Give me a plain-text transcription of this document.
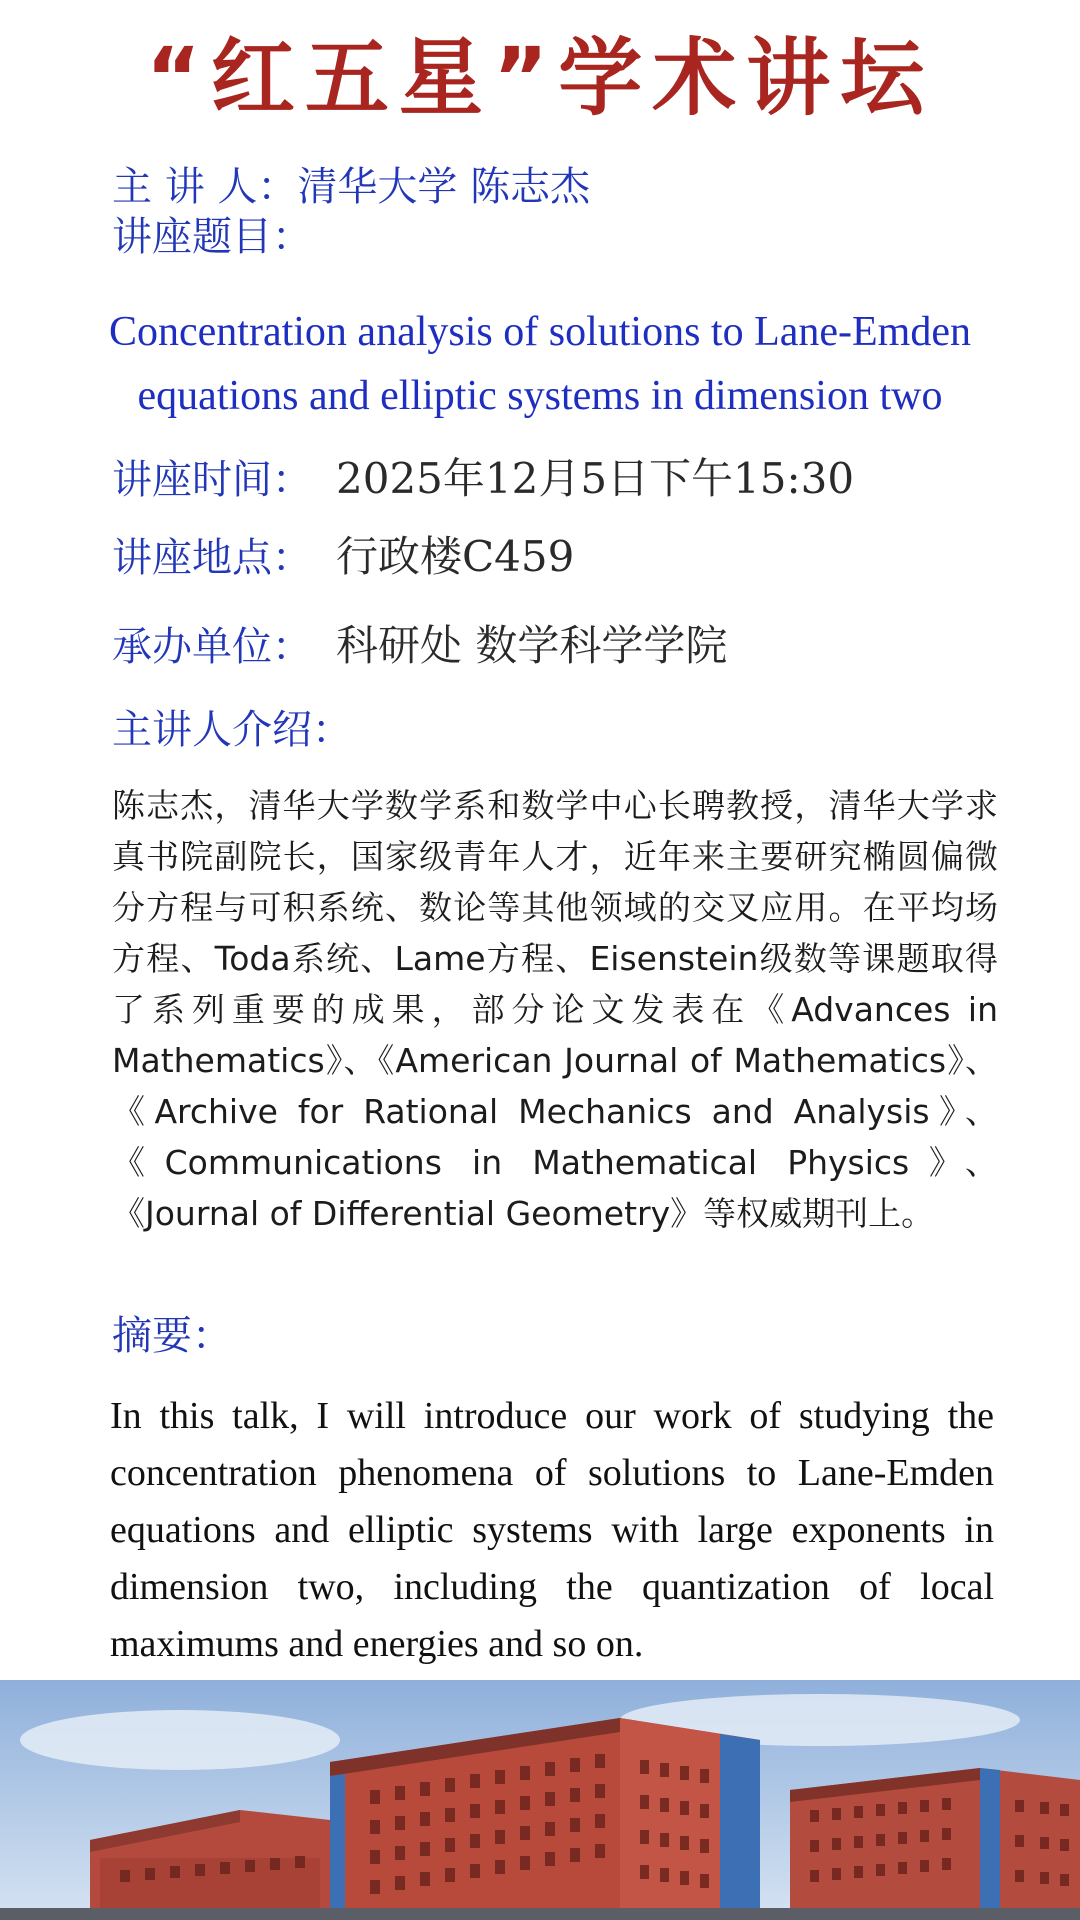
“红五星”学术讲坛
主 讲 人：清华大学 陈志杰
讲座题目：
Concentration analysis of solutions to Lane-Emden equations and elliptic systems in dimension two
讲座时间： 2025年12月5日下午15:30
讲座地点： 行政楼C459
承办单位： 科研处 数学科学学院
主讲人介绍：
陈志杰，清华大学数学系和数学中心长聘教授，清华大学求真书院副院长，国家级青年人才，近年来主要研究椭圆偏微分方程与可积系统、数论等其他领域的交叉应用。在平均场方程、Toda系统、Lame方程、Eisenstein级数等课题取得了系列重要的成果，部分论文发表在《Advances in Mathematics》、《American Journal of Mathematics》、《Archive for Rational Mechanics and Analysis》、《Communications in Mathematical Physics》、《Journal of Differential Geometry》等权威期刊上。
摘要：
In this talk, I will introduce our work of studying the concentration phenomena of solutions to Lane-Emden equations and elliptic systems with large exponents in dimension two, including the quantization of local maximums and energies and so on.
